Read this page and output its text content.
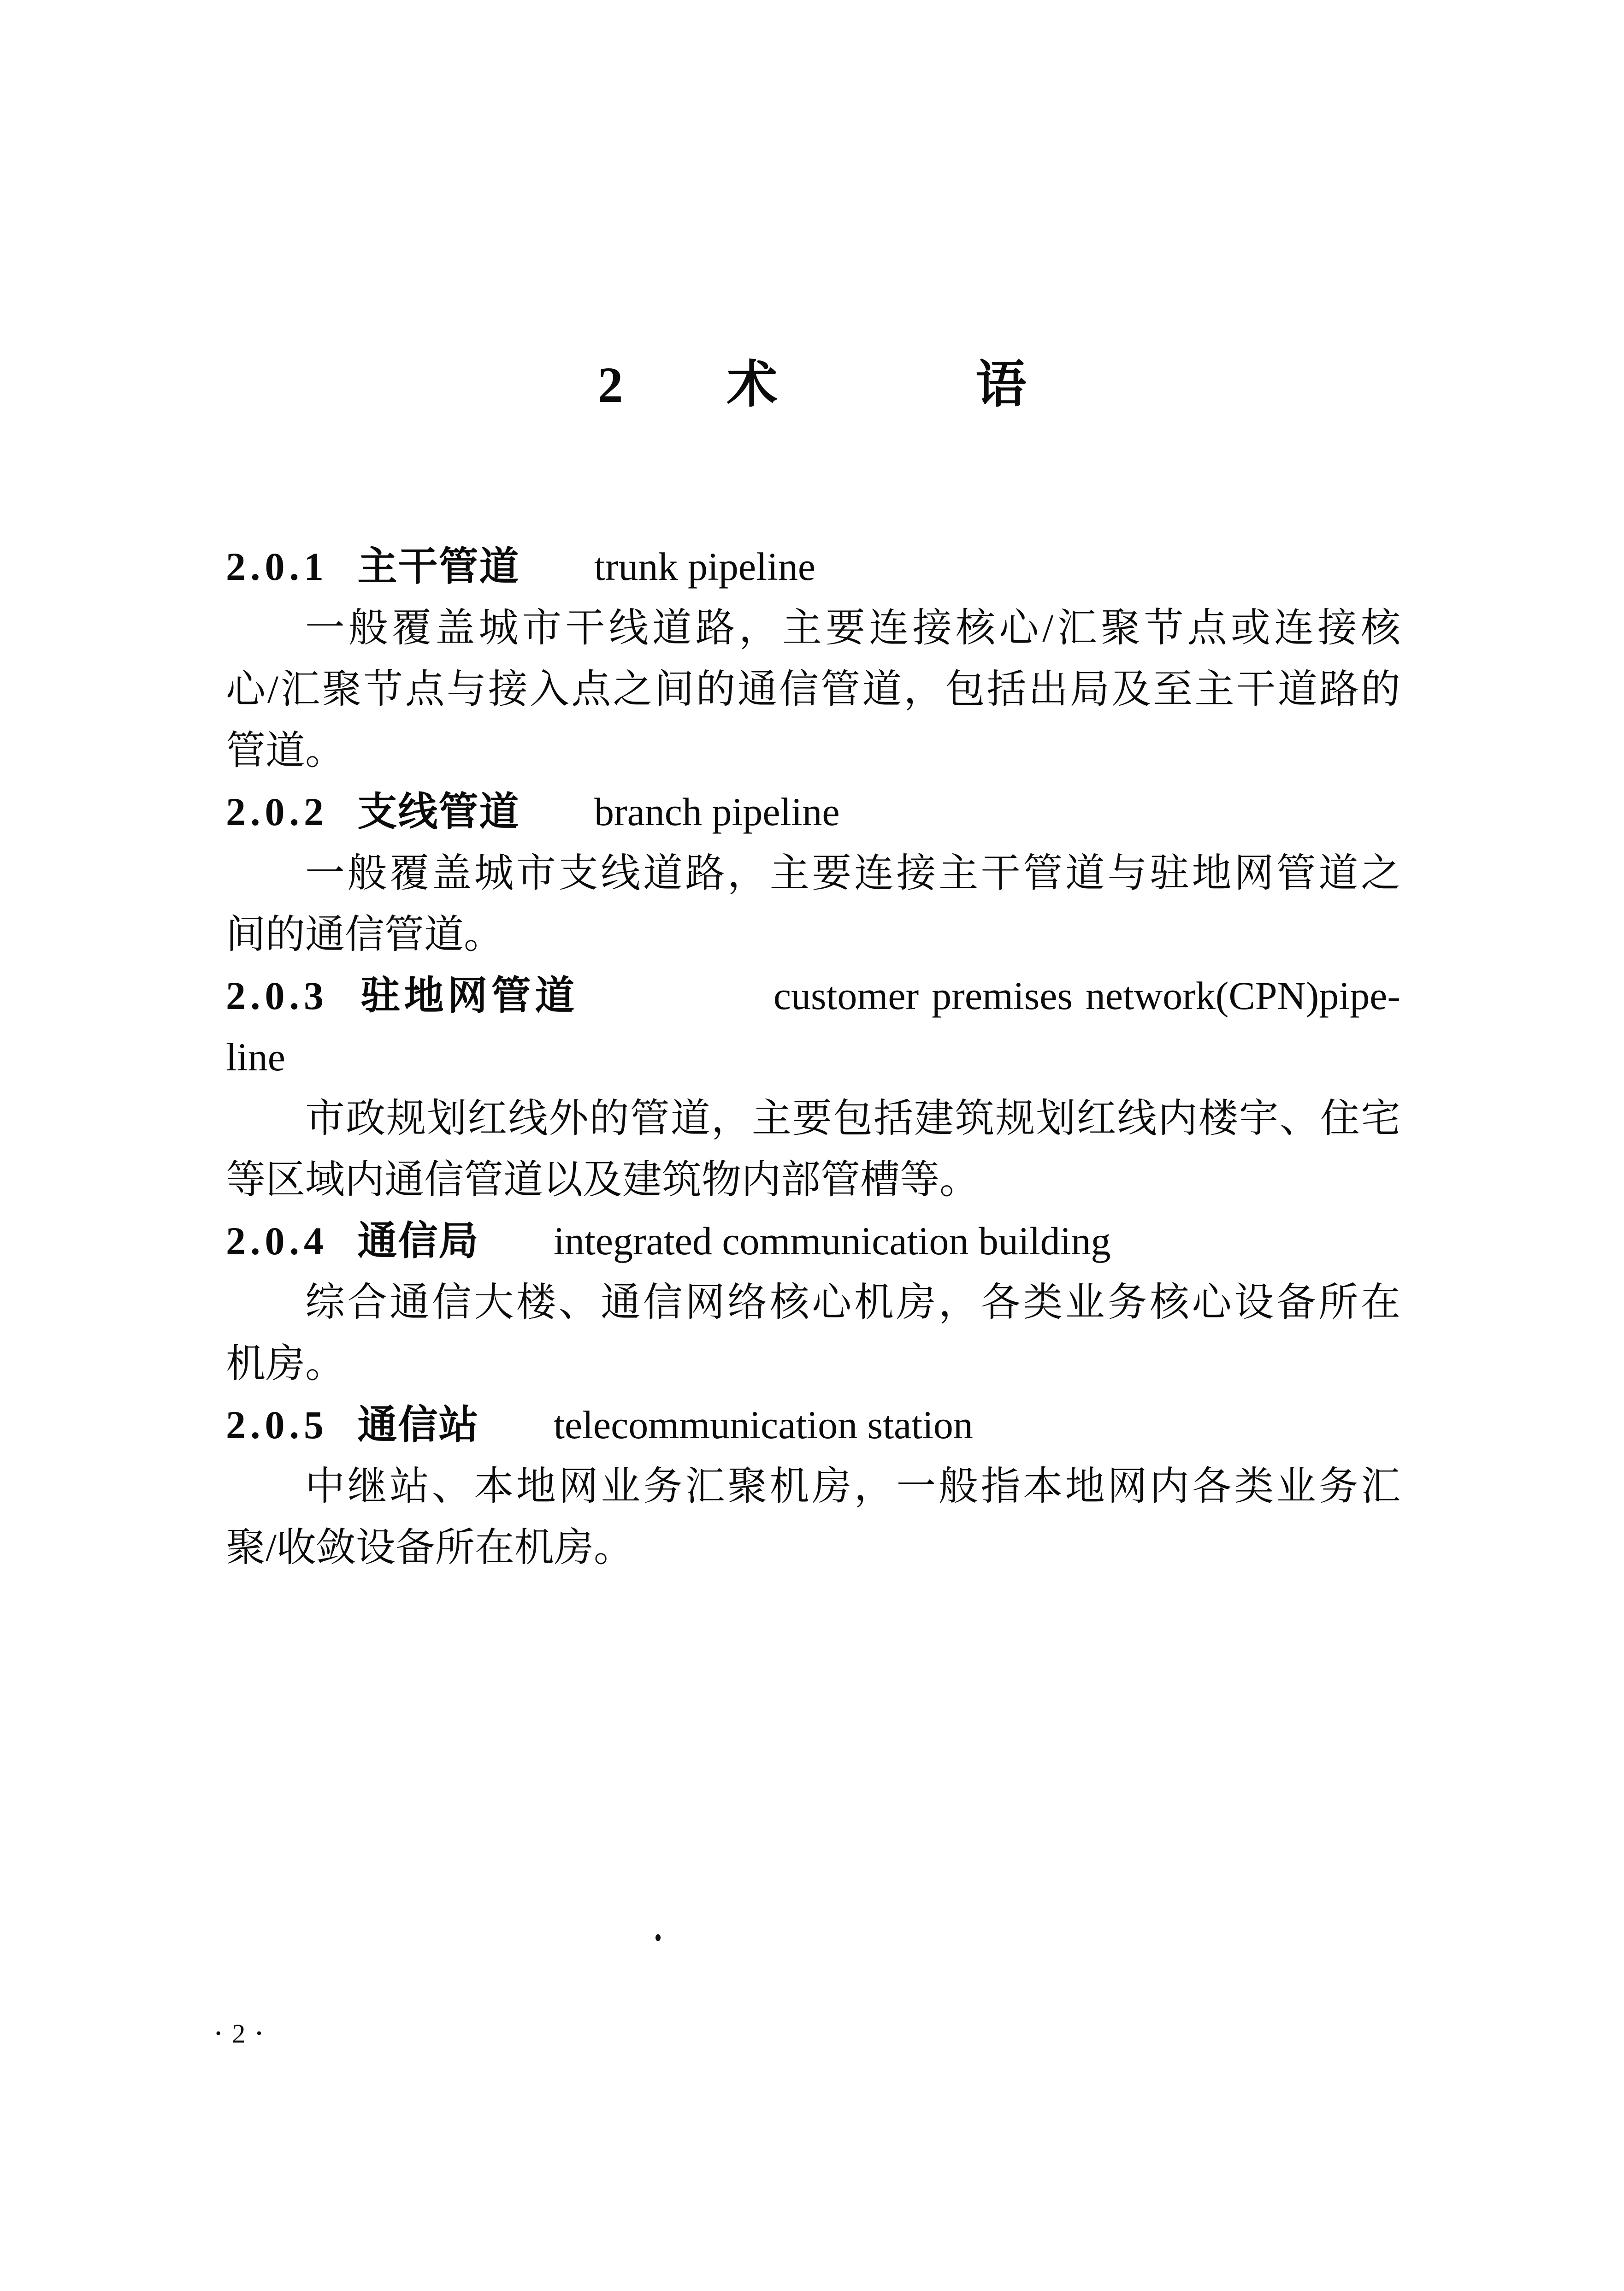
2 术	语
2.0.1 主干管道 trunk pipeline
一般覆盖城市干线道路，主要连接核心/汇聚节点或连接核
心/汇聚节点与接入点之间的通信管道，包括出局及至主干道路的
管道。
2.0.2 支线管道 branch pipeline
一般覆盖城市支线道路，主要连接主干管道与驻地网管道之
间的通信管道。
2.0.3 驻地网管道	customer premises network(CPN)pipe-
line
市政规划红线外的管道，主要包括建筑规划红线内楼宇、住宅
等区域内通信管道以及建筑物内部管槽等。
2.0.4 通信局 integrated communication building
综合通信大楼、通信网络核心机房，各类业务核心设备所在
机房。
2.0.5 通信站 telecommunication station
中继站、本地网业务汇聚机房，一般指本地网内各类业务汇
聚/收敛设备所在机房。
· 2 ·
